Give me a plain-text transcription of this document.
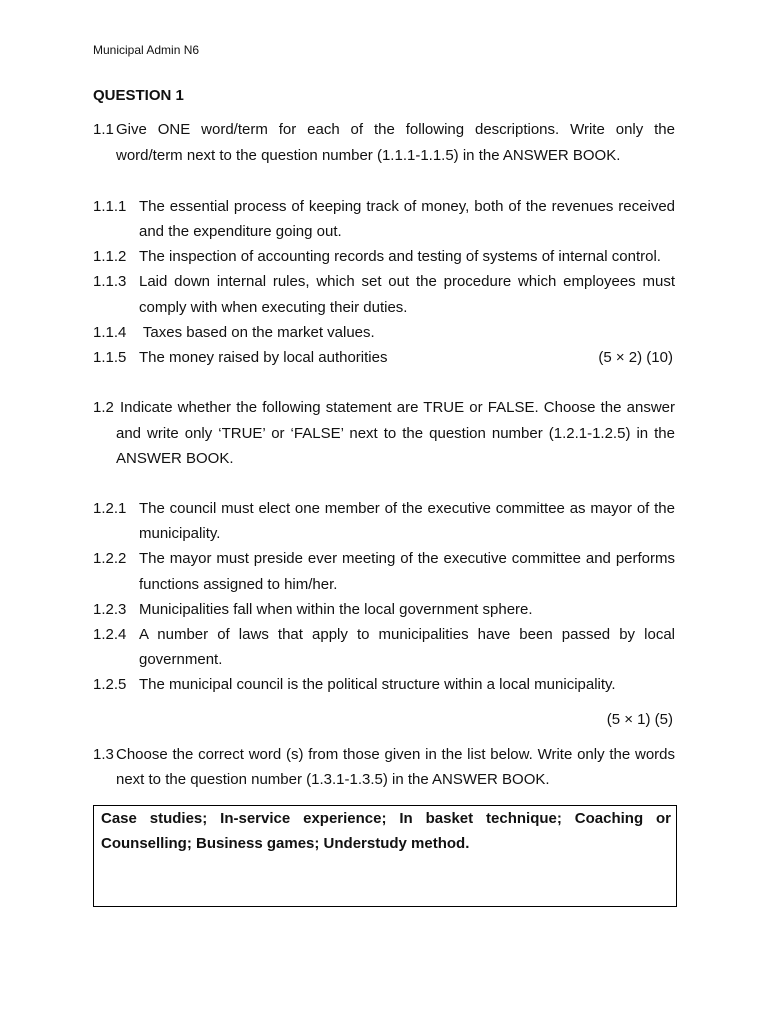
Municipal Admin N6
QUESTION 1
1.1 Give ONE word/term for each of the following descriptions. Write only the
word/term next to the question number (1.1.1-1.1.5) in the ANSWER BOOK.
1.1.1 The essential process of keeping track of money, both of the revenues received
and the expenditure going out.
1.1.2 The inspection of accounting records and testing of systems of internal control.
1.1.3 Laid down internal rules, which set out the procedure which employees must
comply with when executing their duties.
1.1.4 Taxes based on the market values.
1.1.5 The money raised by local authorities	(5 × 2) (10)
1.2 Indicate whether the following statement are TRUE or FALSE. Choose the answer
and write only ‘TRUE’ or ‘FALSE’ next to the question number (1.2.1-1.2.5) in the
ANSWER BOOK.
1.2.1 The council must elect one member of the executive committee as mayor of the
municipality.
1.2.2 The mayor must preside ever meeting of the executive committee and performs
functions assigned to him/her.
1.2.3 Municipalities fall when within the local government sphere.
1.2.4 A number of laws that apply to municipalities have been passed by local
government.
1.2.5 The municipal council is the political structure within a local municipality.
(5 × 1) (5)
1.3 Choose the correct word (s) from those given in the list below. Write only the words
next to the question number (1.3.1-1.3.5) in the ANSWER BOOK.
Case studies; In-service experience; In basket technique; Coaching or
Counselling; Business games; Understudy method.
